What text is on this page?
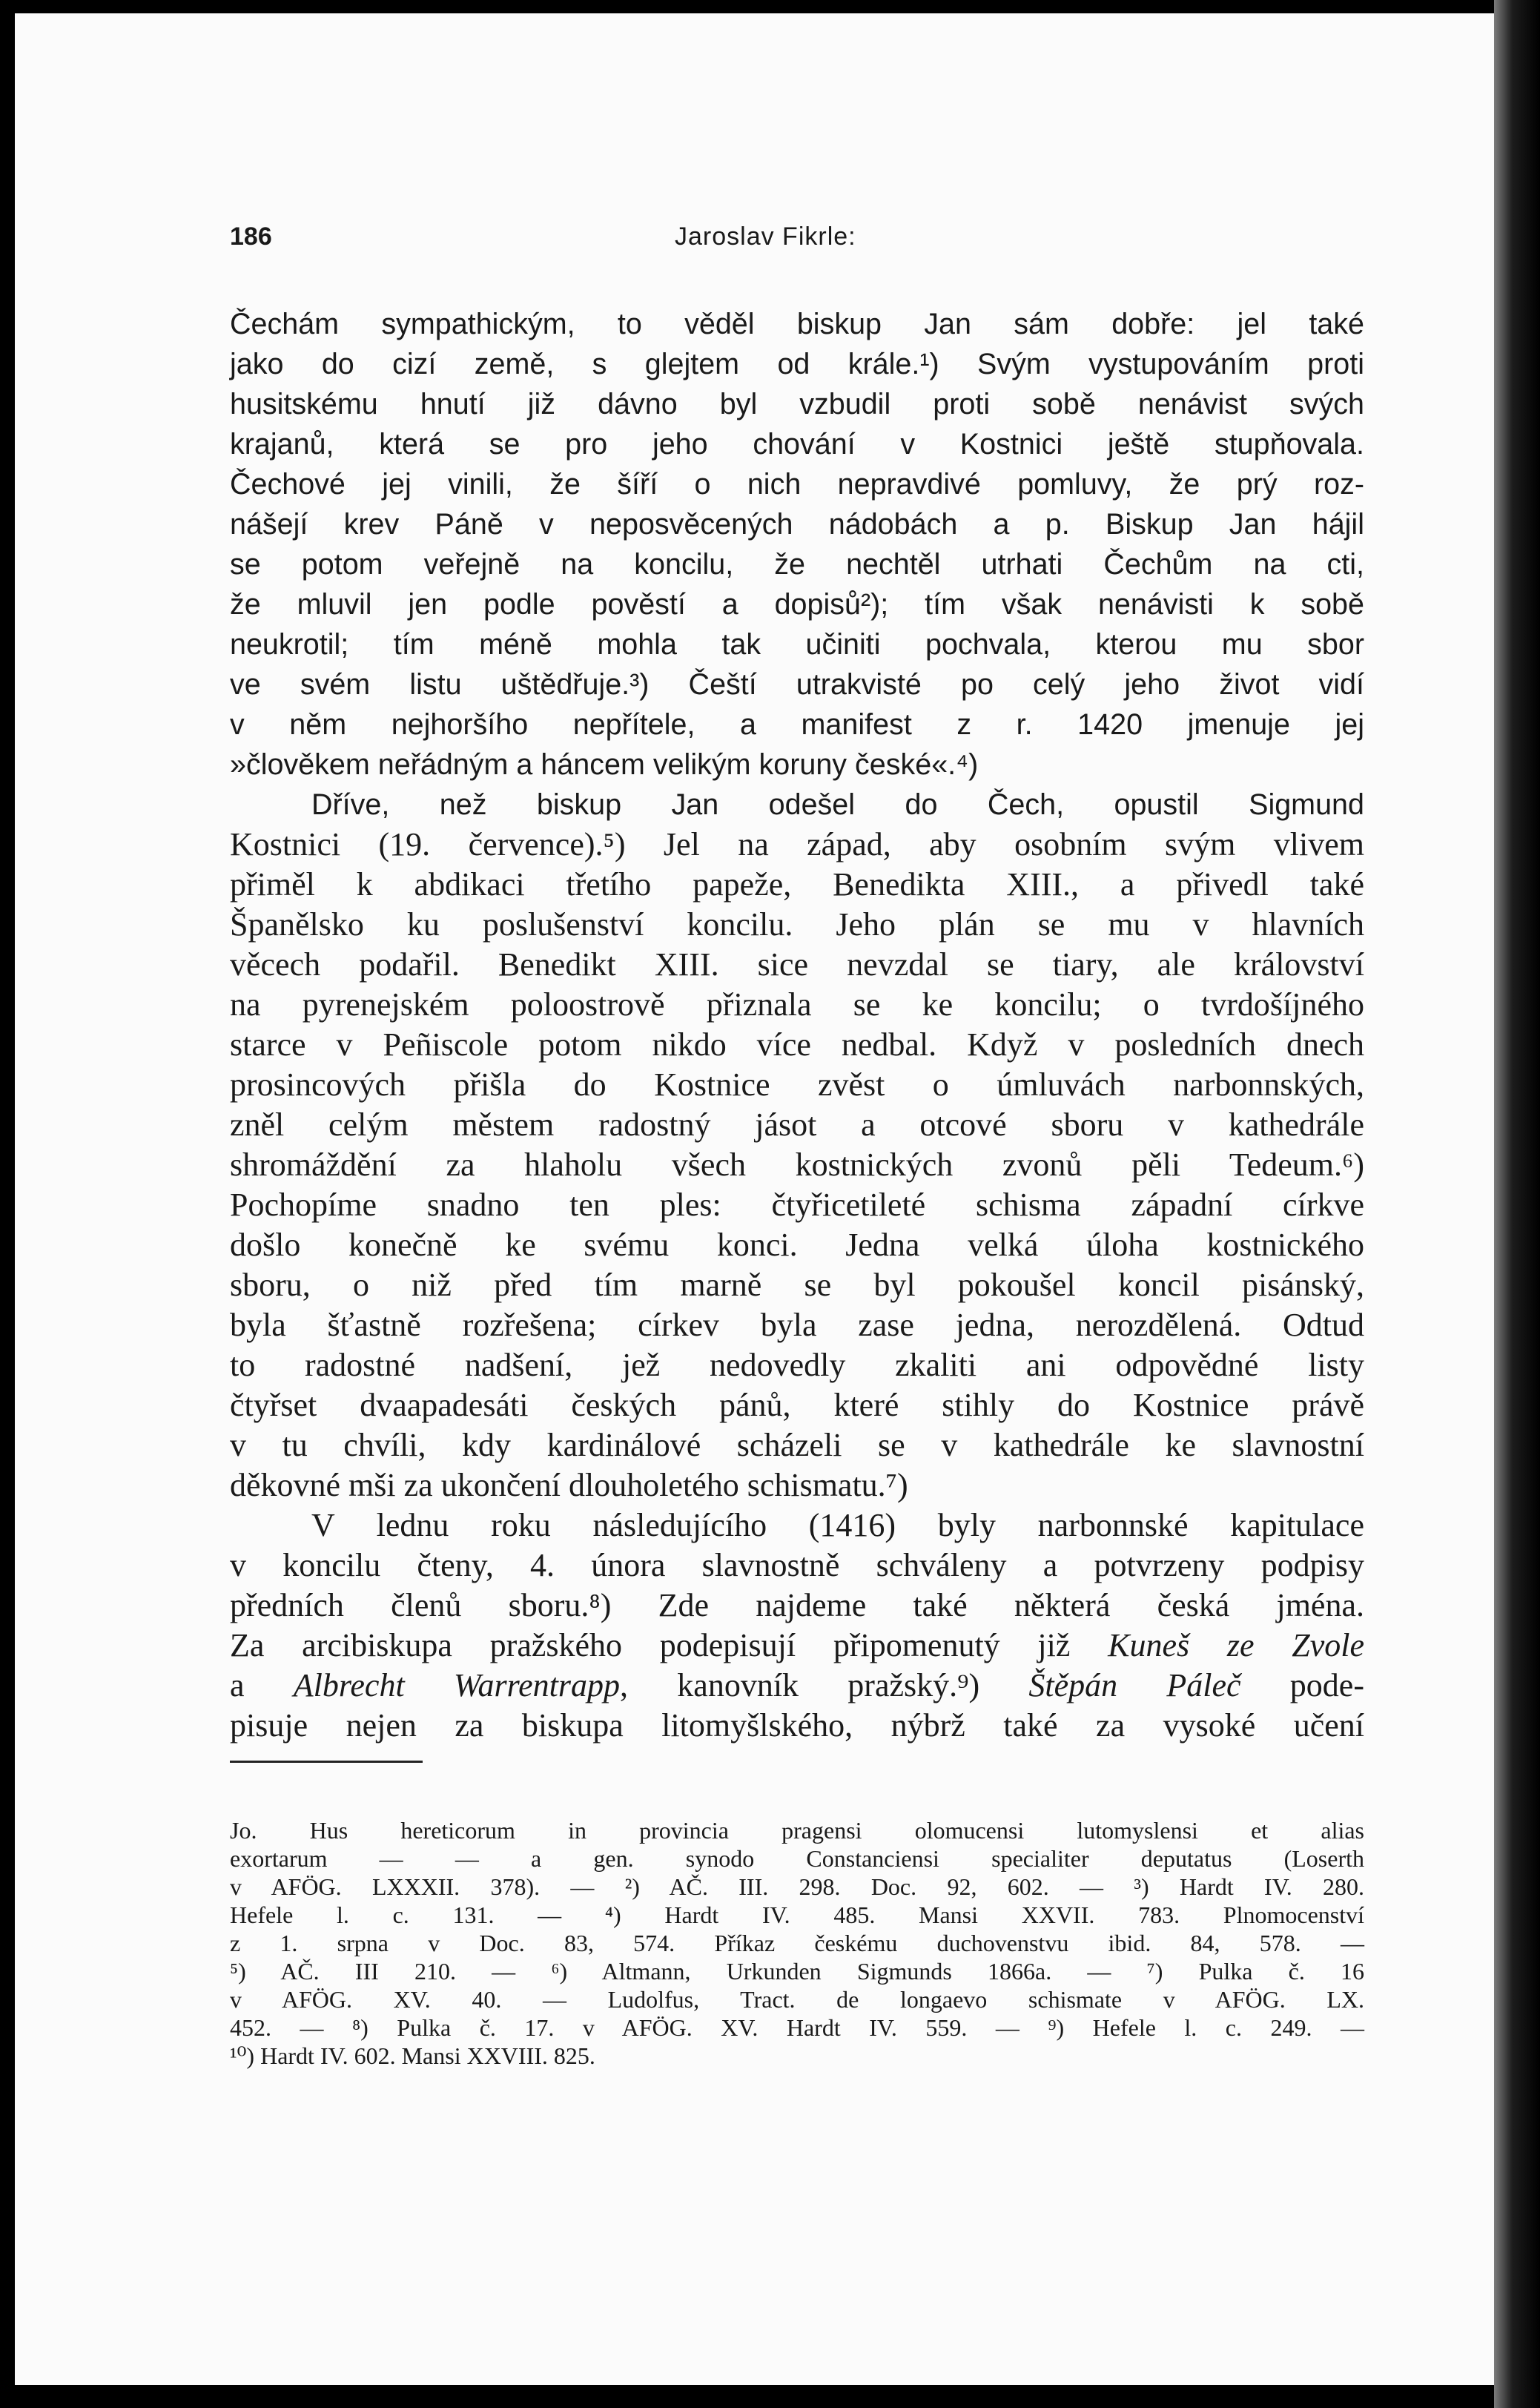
186	Jaroslav Fikrle:

Čechám sympathickým, to věděl biskup Jan sám dobře: jel také

jako do cizí země, s glejtem od krále.¹) Svým vystupováním proti

husitskému hnutí již dávno byl vzbudil proti sobě nenávist svých

krajanů, která se pro jeho chování v Kostnici ještě stupňovala.

Čechové jej vinili, že šíří o nich nepravdivé pomluvy, že prý roz-

nášejí krev Páně v neposvěcených nádobách a p. Biskup Jan hájil

se potom veřejně na koncilu, že nechtěl utrhati Čechům na cti,

že mluvil jen podle pověstí a dopisů²); tím však nenávisti k sobě

neukrotil; tím méně mohla tak učiniti pochvala, kterou mu sbor

ve svém listu uštědřuje.³) Čeští utrakvisté po celý jeho život vidí

v něm nejhoršího nepřítele, a manifest z r. 1420 jmenuje jej

»člověkem neřádným a háncem velikým koruny české«.⁴)

Dříve, než biskup Jan odešel do Čech, opustil Sigmund

Kostnici (19. července).⁵) Jel na západ, aby osobním svým vlivem

přiměl k abdikaci třetího papeže, Benedikta XIII., a přivedl také

Španělsko ku poslušenství koncilu. Jeho plán se mu v hlavních

věcech podařil. Benedikt XIII. sice nevzdal se tiary, ale království

na pyrenejském poloostrově přiznala se ke koncilu; o tvrdošíjného

starce v Peñiscole potom nikdo více nedbal. Když v posledních dnech

prosincových přišla do Kostnice zvěst o úmluvách narbonnských,

zněl celým městem radostný jásot a otcové sboru v kathedrále

shromáždění za hlaholu všech kostnických zvonů pěli Tedeum.⁶)

Pochopíme snadno ten ples: čtyřicetileté schisma západní církve

došlo konečně ke svému konci. Jedna velká úloha kostnického

sboru, o niž před tím marně se byl pokoušel koncil pisánský,

byla šťastně rozřešena; církev byla zase jedna, nerozdělená. Odtud

to radostné nadšení, jež nedovedly zkaliti ani odpovědné listy

čtyřset dvaapadesáti českých pánů, které stihly do Kostnice právě

v tu chvíli, kdy kardinálové scházeli se v kathedrále ke slavnostní

děkovné mši za ukončení dlouholetého schismatu.⁷)

V lednu roku následujícího (1416) byly narbonnské kapitulace

v koncilu čteny, 4. února slavnostně schváleny a potvrzeny podpisy

předních členů sboru.⁸) Zde najdeme také některá česká jména.

Za arcibiskupa pražského podepisují připomenutý již Kuneš ze Zvole

a Albrecht Warrentrapp, kanovník pražský.⁹) Štěpán Páleč pode-

pisuje nejen za biskupa litomyšlského, nýbrž také za vysoké učení

Jo. Hus hereticorum in provincia pragensi olomucensi lutomyslensi et alias

exortarum — — a gen. synodo Constanciensi specialiter deputatus (Loserth

v AFÖG. LXXXII. 378). — ²) AČ. III. 298. Doc. 92, 602. — ³) Hardt IV. 280.

Hefele l. c. 131. — ⁴) Hardt IV. 485. Mansi XXVII. 783. Plnomocenství

z 1. srpna v Doc. 83, 574. Příkaz českému duchovenstvu ibid. 84, 578. —

⁵) AČ. III 210. — ⁶) Altmann, Urkunden Sigmunds 1866a. — ⁷) Pulka č. 16

v AFÖG. XV. 40. — Ludolfus, Tract. de longaevo schismate v AFÖG. LX.

452. — ⁸) Pulka č. 17. v AFÖG. XV. Hardt IV. 559. — ⁹) Hefele l. c. 249. —

¹⁰) Hardt IV. 602. Mansi XXVIII. 825.
